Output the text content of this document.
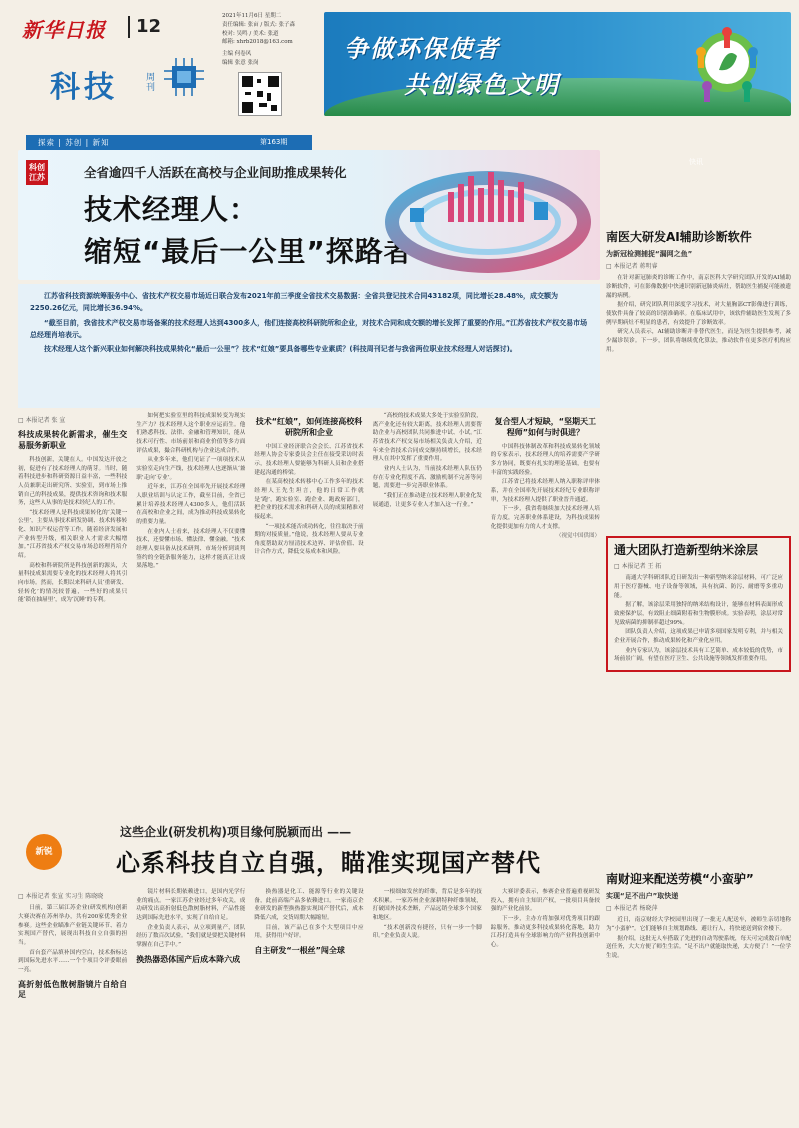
新华日报	12	2021年11月6日 星期二
责任编辑: 张亩 / 版式: 张子森
校对: 吴鸣 / 美术: 张道
邮箱: xhrb2018@163.com
科技	周刊
主编 何卷风
编辑 张意 张岗
探索 | 苏创 | 新知	第163期
争做环保使者
共创绿色文明
科创江苏	全省逾四千人活跃在高校与企业间助推成果转化
技术经理人：
缩短“最后一公里”探路者

江苏省科技资源统筹服务中心、省技术产权交易市场近日联合发布2021年前三季度全省技术交易数据：全省共登记技术合同43182项，同比增长28.48%，成交额为2250.26亿元，同比增长36.94%。

“截至目前，我省技术产权交易市场备案的技术经理人达到4300多人，他们连接高校科研院所和企业，对技术合同和成交额的增长发挥了重要的作用。”江苏省技术产权交易市场总经理肖培表示。

技术经理人这个新兴职业如何解决科技成果转化“最后一公里”？技术“红娘”要具备哪些专业素质？(科技周刊记者与我省两位职业技术经理人对话探讨)。

□ 本报记者 张 宣
科技成果转化新需求，催生交易服务新职业

科技创新，关键在人。中国发达开放之初，促进有了技术经理人的萌芽。当时，随着科技进步和科研资源日益丰富，一些科技人员兼职走出研究所、实验室，到市场上推销自己的科技成果，提供技术咨询和技术服务，这些人从事的是技术经纪人的工作。

“技术经理人是科技成果转化的‘关键一公里’，主要从事技术研发协调、技术转移转化、知识产权运营等工作。随着经济发展和产业转型升级，相关职业人才需求大幅增加。”江苏省技术产权交易市场总经理肖培介绍。

高校和科研院所是科技创新的源头，大量科技成果需要专业化的技术经理人将其引向市场。然而，长期以来科研人员‘重研发、轻转化’的情况较普遍，一些好的成果只能‘锁在抽屉里’，成为‘沉睡’的专利。

如何把实验室里的科技成果转变为现实生产力？技术经理人这个职业应运而生。他们熟悉科技、法律、金融和管理知识，能从技术可行性、市场前景和商业价值等多方面评估成果，撮合科研机构与企业达成合作。

从业多年来，他们见证了一项项技术从实验室走向生产线，技术经理人也逐渐从‘兼职’走向‘专业’。

近年来，江苏在全国率先开展技术经理人职业培训与认定工作，截至目前，全省已累计培养技术经理人4300多人，他们活跃在高校和企业之间，成为推动科技成果转化的重要力量。

在业内人士看来，技术经理人不仅要懂技术，还要懂市场、懂法律、懂金融。“技术经理人要具备从技术研判、市场分析到谈判签约的全链条服务能力，这样才能真正让成果落地。”

技术“红娘”，如何连接高校科研院所和企业

中国工业经济联合会会长、江苏省技术经理人协会专家委员会主任在接受采访时表示，技术经理人要能够为科研人员和企业搭建起沟通的桥梁。

在某高校技术转移中心工作多年的技术经理人王先生坦言，他的日常工作就是‘跑’，跑实验室、跑企业、跑政府部门，把企业的技术需求和科研人员的成果精准对接起来。

“一项技术能否成功转化，往往取决于前期的对接质量。”他说，技术经理人要从专业角度帮助双方厘清技术边界、评估价值、设计合作方式，降低交易成本和风险。

“高校的技术成果大多处于实验室阶段，离产业化还有较大距离，技术经理人需要帮助企业与高校团队共同推进中试、小试。”江苏省技术产权交易市场相关负责人介绍，近年来全省技术合同成交额持续增长，技术经理人在其中发挥了重要作用。

业内人士认为，当前技术经理人队伍仍存在专业化程度不高、激励机制不完善等问题，需要进一步完善职业体系。

“我们正在推动建立技术经理人职业化发展通道，让更多专业人才加入这一行业。”

复合型人才短缺，“坚期天工程师”如何与时俱进？

中国科技体制改革和科技成果转化领域的专家表示，技术经理人的培养需要产学研多方协同，既要有扎实的理论基础，也要有丰富的实践经验。

江苏省已将技术经理人纳入职称评审体系，并在全国率先开展技术经纪专业职称评审，为技术经理人提供了职业晋升通道。

下一步，我省将继续加大技术经理人培育力度，完善职业体系建设，为科技成果转化提供更加有力的人才支撑。

（视觉中国供图）
新锐
这些企业(研发机构)项目缘何脱颖而出 ——
心系科技自立自强，瞄准实现国产替代
□ 本报记者 张宣 实习生 陈晓晓

日前，第三届江苏企业(研发机构)创新大赛决赛在苏州举办，共有200家优秀企业参赛。这些企业瞄准产业链关键环节、着力实现国产替代，展现出科技自立自强的担当。

首台套产品填补国内空白，技术指标达到国际先进水平……一个个项目令评委眼前一亮。

高折射低色散树脂镜片自给自足

镜片材料长期依赖进口，是国内光学行业的痛点。一家江苏企业经过多年攻关，成功研发出高折射低色散树脂材料，产品性能达到国际先进水平，实现了自给自足。

企业负责人表示，从立项到量产，团队经历了数百次试验。“我们就是要把关键材料掌握在自己手中。”

换热器恐体国产后成本降六成

换热器是化工、能源等行业的关键设备，此前高端产品多依赖进口。一家南京企业研发的新型换热器实现国产替代后，成本降低六成，交货周期大幅缩短。

目前，该产品已在多个大型项目中应用，获得用户好评。

自主研发“一根丝”闯全球

一根细如发丝的纤维，背后是多年的技术积累。一家苏州企业深耕特种纤维领域，打破国外技术垄断，产品远销全球多个国家和地区。

“技术创新没有捷径，只有一步一个脚印。”企业负责人说。

大赛评委表示，参赛企业普遍重视研发投入，拥有自主知识产权，一批项目具备较强的产业化前景。

下一步，主办方将加强对优秀项目的跟踪服务，推动更多科技成果转化落地，助力江苏打造具有全球影响力的产业科技创新中心。

快讯
南医大研发AI辅助诊断软件
为新冠检测捕捉“漏网之鱼”
□ 本报记者 蒋明睿

在针对新冠肺炎的诊断工作中，南京医科大学研究团队开发的AI辅助诊断软件，可在影像数据中快速识别新冠肺炎病灶，帮助医生捕捉可能被遗漏的病例。

据介绍，研究团队利用深度学习技术，对大量胸部CT影像进行训练，使软件具备了较高的识别准确率。在临床试用中，该软件辅助医生发现了多例早期病灶不明显的患者，有效提升了诊断效率。

研究人员表示，AI辅助诊断并非替代医生，而是为医生提供参考，减少漏诊误诊。下一步，团队将继续优化算法，推动软件在更多医疗机构应用。

通大团队打造新型纳米涂层
□ 本报记者 王 拓

南通大学科研团队近日研发出一种新型纳米涂层材料，可广泛应用于医疗器械、电子设备等领域，具有抗菌、防污、耐磨等多重功能。

据了解，该涂层采用独特的纳米结构设计，能够在材料表面形成致密保护层，有效阻止细菌附着和生物膜形成。实验表明，涂层对常见致病菌的抑制率超过99%。

团队负责人介绍，这项成果已申请多项国家发明专利，并与相关企业开展合作，推动成果转化和产业化应用。

业内专家认为，该涂层技术具有工艺简单、成本较低的优势，市场前景广阔，有望在医疗卫生、公共设施等领域发挥重要作用。

南财迎来配送劳模“小蛮驴”
实现“足不出户”取快递
□ 本报记者 杨晓萍

近日，南京财经大学校园里出现了一批无人配送车，被师生亲切地称为“小蛮驴”。它们能够自主规划路线、避让行人，将快递送到宿舍楼下。

据介绍，这批无人车搭载了先进的自动驾驶系统，每天可完成数百单配送任务，大大方便了师生生活。“足不出户就能取快递，太方便了！”一位学生说。
